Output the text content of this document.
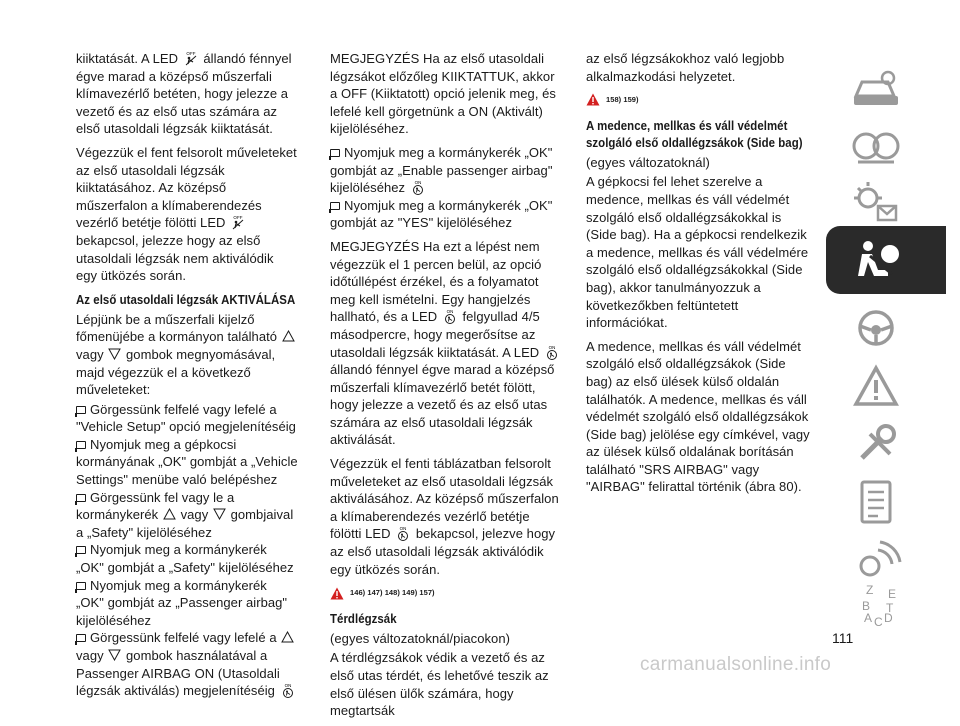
kiiktatását. A LED OFF állandó fénnyel égve marad a középső műszerfali klímavezérlő betéten, hogy jelezze a vezető és az első utas számára az első utasoldali légzsák kiiktatását.

Végezzük el fent felsorolt műveleteket az első utasoldali légzsák kiiktatásához. Az középső műszerfalon a klímaberendezés vezérlő betétje fölötti LED OFF
bekapcsol, jelezze hogy az első utasoldali légzsák nem aktiválódik egy ütközés során.

Az első utasoldali légzsák AKTIVÁLÁSA

Lépjünk be a műszerfali kijelző főmenüjébe a kormányon található  vagy gombok megnyomásával, majd végezzük el a következő műveleteket:

Görgessünk felfelé vagy lefelé a "Vehicle Setup" opció megjelenítéséig
Nyomjuk meg a gépkocsi kormányának „OK" gombját a „Vehicle Settings" menübe való belépéshez
Görgessünk fel vagy le a kormánykerék vagy gombjaival a „Safety" kijelöléséhez
Nyomjuk meg a kormánykerék „OK" gombját a „Safety" kijelöléséhez
Nyomjuk meg a kormánykerék „OK" gombját az „Passenger airbag" kijelöléséhez
Görgessünk felfelé vagy lefelé a  vagy gombok használatával a Passenger AIRBAG ON (Utasoldali légzsák aktiválás) megjelenítéséig ON

MEGJEGYZÉS Ha az első utasoldali légzsákot előzőleg KIIKTATTUK, akkor a OFF (Kiiktatott) opció jelenik meg, és lefelé kell görgetnünk a ON (Aktivált) kijelöléséhez.

Nyomjuk meg a kormánykerék „OK" gombját az „Enable passenger airbag" kijelöléséhez ON
Nyomjuk meg a kormánykerék „OK" gombját az "YES" kijelöléséhez

MEGJEGYZÉS Ha ezt a lépést nem végezzük el 1 percen belül, az opció időtúllépést érzékel, és a folyamatot meg kell ismételni. Egy hangjelzés hallható, és a LED ON felgyullad 4/5 másodpercre, hogy megerősítse az utasoldali légzsák kiiktatását. A LED ON
állandó fénnyel égve marad a középső műszerfali klímavezérlő betét fölött, hogy jelezze a vezető és az első utas számára az első utasoldali légzsák aktiválását.

Végezzük el fenti táblázatban felsorolt műveleteket az első utasoldali légzsák aktiválásához. Az középső műszerfalon a klímaberendezés vezérlő betétje fölötti LED ON bekapcsol, jelezve hogy az első utasoldali légzsák aktiválódik egy ütközés során.

146) 147) 148) 149) 157)
Térdlégzsák

(egyes változatoknál/piacokon)

A térdlégzsákok védik a vezető és az első utas térdét, és lehetővé teszik az első ülésen ülők számára, hogy megtartsák

az első légzsákokhoz való legjobb alkalmazkodási helyzetet.

158) 159)
A medence, mellkas és váll védelmét
szolgáló első oldallégzsákok (Side bag)

(egyes változatoknál)

A gépkocsi fel lehet szerelve a medence, mellkas és váll védelmét szolgáló első oldallégzsákokkal is (Side bag). Ha a gépkocsi rendelkezik a medence, mellkas és váll védelmére szolgáló első oldallégzsákokkal (Side bag), akkor tanulmányozzuk a következőkben feltüntetett információkat.

A medence, mellkas és váll védelmét szolgáló első oldallégzsákok (Side bag) az első ülések külső oldalán találhatók. A medence, mellkas és váll védelmét szolgáló első oldallégzsákok (Side bag) jelölése egy címkével, vagy az ülések külső oldalának borításán található "SRS AIRBAG" vagy "AIRBAG" felirattal történik (ábra 80).

A
B
C D
E
Z
T
111
carmanualsonline.info
